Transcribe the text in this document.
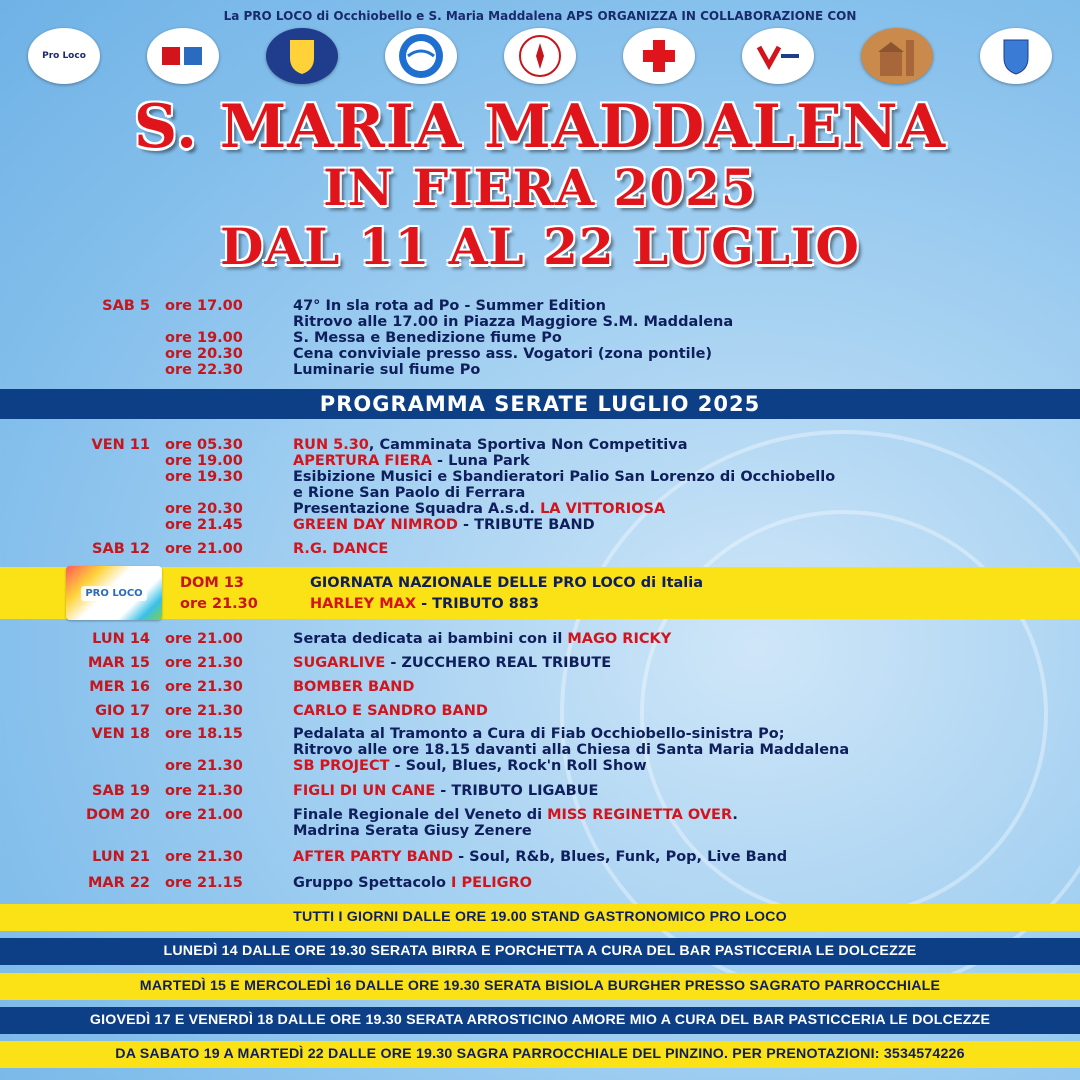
La PRO LOCO di Occhiobello e S. Maria Maddalena APS ORGANIZZA IN COLLABORAZIONE CON
Pro Loco
S. MARIA MADDALENA
IN FIERA 2025
DAL 11 AL 22 LUGLIO
SAB 5 ore 17.00	47° In sla rota ad Po - Summer Edition
Ritrovo alle 17.00 in Piazza Maggiore S.M. Maddalena
ore 19.00	S. Messa e Benedizione fiume Po
ore 20.30	Cena conviviale presso ass. Vogatori (zona pontile)
ore 22.30	Luminarie sul fiume Po
PROGRAMMA SERATE LUGLIO 2025
VEN 11 ore 05.30	RUN 5.30, Camminata Sportiva Non Competitiva
ore 19.00	APERTURA FIERA - Luna Park
ore 19.30	Esibizione Musici e Sbandieratori Palio San Lorenzo di Occhiobello
e Rione San Paolo di Ferrara
ore 20.30	Presentazione Squadra A.s.d. LA VITTORIOSA
ore 21.45	GREEN DAY NIMROD - TRIBUTE BAND
SAB 12 ore 21.00	R.G. DANCE
PRO LOCO
DOM 13	GIORNATA NAZIONALE DELLE PRO LOCO di Italia
ore 21.30	HARLEY MAX - TRIBUTO 883
LUN 14 ore 21.00	Serata dedicata ai bambini con il MAGO RICKY
MAR 15 ore 21.30	SUGARLIVE - ZUCCHERO REAL TRIBUTE
MER 16 ore 21.30	BOMBER BAND
GIO 17 ore 21.30	CARLO E SANDRO BAND
VEN 18 ore 18.15	Pedalata al Tramonto a Cura di Fiab Occhiobello-sinistra Po;
Ritrovo alle ore 18.15 davanti alla Chiesa di Santa Maria Maddalena
ore 21.30	SB PROJECT - Soul, Blues, Rock'n Roll Show
SAB 19 ore 21.30	FIGLI DI UN CANE - TRIBUTO LIGABUE
DOM 20 ore 21.00	Finale Regionale del Veneto di MISS REGINETTA OVER.
Madrina Serata Giusy Zenere
LUN 21 ore 21.30	AFTER PARTY BAND - Soul, R&b, Blues, Funk, Pop, Live Band
MAR 22 ore 21.15	Gruppo Spettacolo I PELIGRO
TUTTI I GIORNI DALLE ORE 19.00 STAND GASTRONOMICO PRO LOCO
LUNEDÌ 14 DALLE ORE 19.30 SERATA BIRRA E PORCHETTA A CURA DEL BAR PASTICCERIA LE DOLCEZZE
MARTEDÌ 15 E MERCOLEDÌ 16 DALLE ORE 19.30 SERATA BISIOLA BURGHER PRESSO SAGRATO PARROCCHIALE
GIOVEDÌ 17 E VENERDÌ 18 DALLE ORE 19.30 SERATA ARROSTICINO AMORE MIO A CURA DEL BAR PASTICCERIA LE DOLCEZZE
DA SABATO 19 A MARTEDÌ 22 DALLE ORE 19.30 SAGRA PARROCCHIALE DEL PINZINO. PER PRENOTAZIONI: 3534574226
